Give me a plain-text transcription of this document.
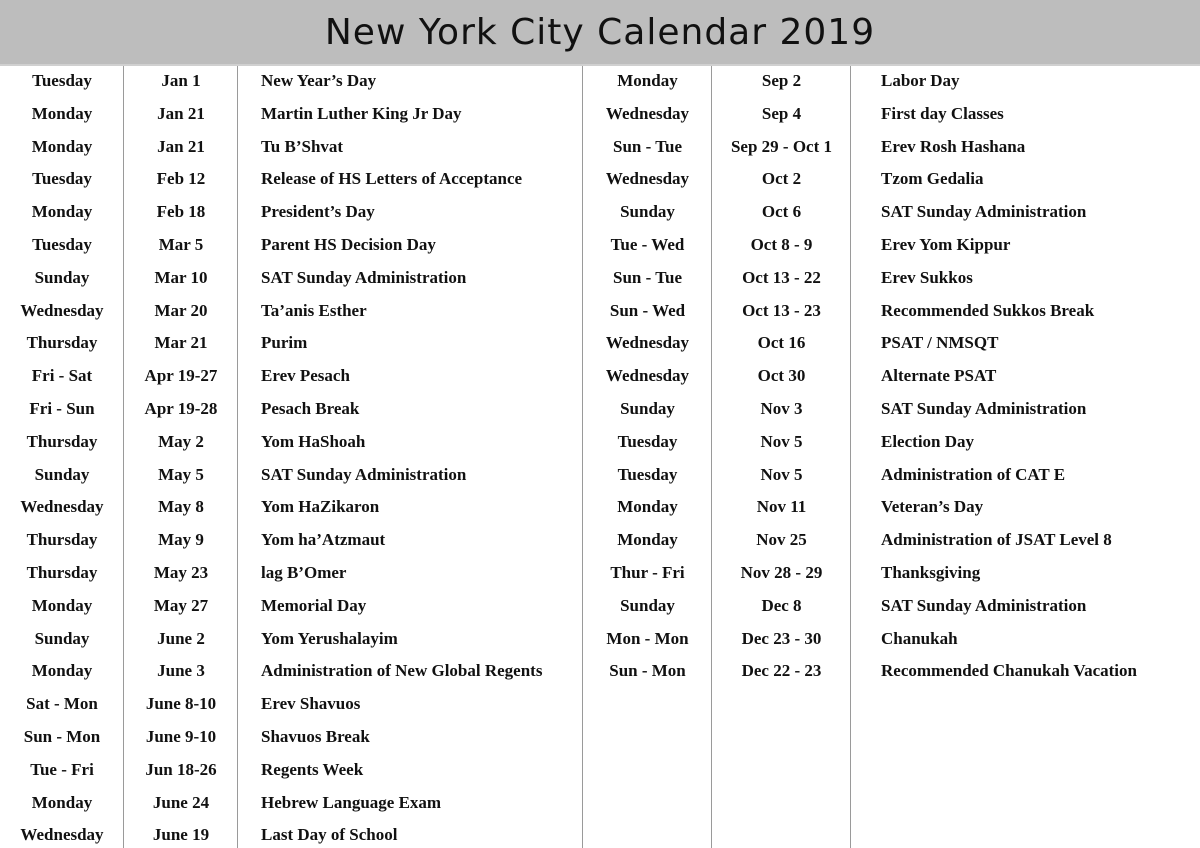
New York City Calendar 2019
Tuesday	Jan 1	New Year’s Day	Monday	Sep 2	Labor Day
Monday	Jan 21	Martin Luther King Jr Day	Wednesday	Sep 4	First day Classes
Monday	Jan 21	Tu B’Shvat	Sun - Tue	Sep 29 - Oct 1	Erev Rosh Hashana
Tuesday	Feb 12	Release of HS Letters of Acceptance	Wednesday	Oct 2	Tzom Gedalia
Monday	Feb 18	President’s Day	Sunday	Oct 6	SAT Sunday Administration
Tuesday	Mar 5	Parent HS Decision Day	Tue - Wed	Oct 8 - 9	Erev Yom Kippur
Sunday	Mar 10	SAT Sunday Administration	Sun - Tue	Oct 13 - 22	Erev Sukkos
Wednesday	Mar 20	Ta’anis Esther	Sun - Wed	Oct 13 - 23	Recommended Sukkos Break
Thursday	Mar 21	Purim	Wednesday	Oct 16	PSAT / NMSQT
Fri - Sat	Apr 19-27	Erev Pesach	Wednesday	Oct 30	Alternate PSAT
Fri - Sun	Apr 19-28	Pesach Break	Sunday	Nov 3	SAT Sunday Administration
Thursday	May 2	Yom HaShoah	Tuesday	Nov 5	Election Day
Sunday	May 5	SAT Sunday Administration	Tuesday	Nov 5	Administration of CAT E
Wednesday	May 8	Yom HaZikaron	Monday	Nov 11	Veteran’s Day
Thursday	May 9	Yom ha’Atzmaut	Monday	Nov 25	Administration of JSAT Level 8
Thursday	May 23	lag B’Omer	Thur - Fri	Nov 28 - 29	Thanksgiving
Monday	May 27	Memorial Day	Sunday	Dec 8	SAT Sunday Administration
Sunday	June 2	Yom Yerushalayim	Mon - Mon	Dec 23 - 30	Chanukah
Monday	June 3	Administration of New Global Regents	Sun - Mon	Dec 22 - 23	Recommended Chanukah Vacation
Sat - Mon	June 8-10	Erev Shavuos
Sun - Mon	June 9-10	Shavuos Break
Tue - Fri	Jun 18-26	Regents Week
Monday	June 24	Hebrew Language Exam
Wednesday	June 19	Last Day of School
